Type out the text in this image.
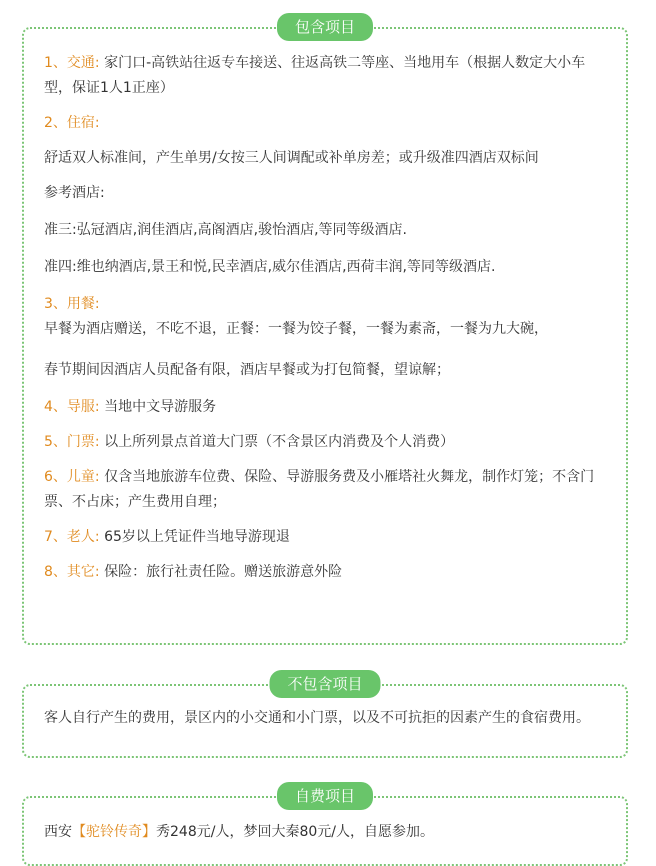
包含项目

1、交通: 家门口-高铁站往返专车接送、往返高铁二等座、当地用车（根据人数定大小车型，保证1人1正座）

2、住宿:

舒适双人标准间，产生单男/女按三人间调配或补单房差；或升级准四酒店双标间

参考酒店:

准三:弘冠酒店,润佳酒店,高阁酒店,骏怡酒店,等同等级酒店.

准四:维也纳酒店,景王和悦,民幸酒店,威尔佳酒店,西荷丰润,等同等级酒店.

3、用餐:

早餐为酒店赠送，不吃不退，正餐：一餐为饺子餐，一餐为素斋，一餐为九大碗，

春节期间因酒店人员配备有限，酒店早餐或为打包简餐，望谅解；

4、导服: 当地中文导游服务

5、门票: 以上所列景点首道大门票（不含景区内消费及个人消费）

6、儿童: 仅含当地旅游车位费、保险、导游服务费及小雁塔社火舞龙，制作灯笼；不含门票、不占床；产生费用自理；

7、老人: 65岁以上凭证件当地导游现退

8、其它: 保险：旅行社责任险。赠送旅游意外险

不包含项目

客人自行产生的费用，景区内的小交通和小门票，以及不可抗拒的因素产生的食宿费用。

自费项目

西安【驼铃传奇】秀248元/人，梦回大秦80元/人，自愿参加。
